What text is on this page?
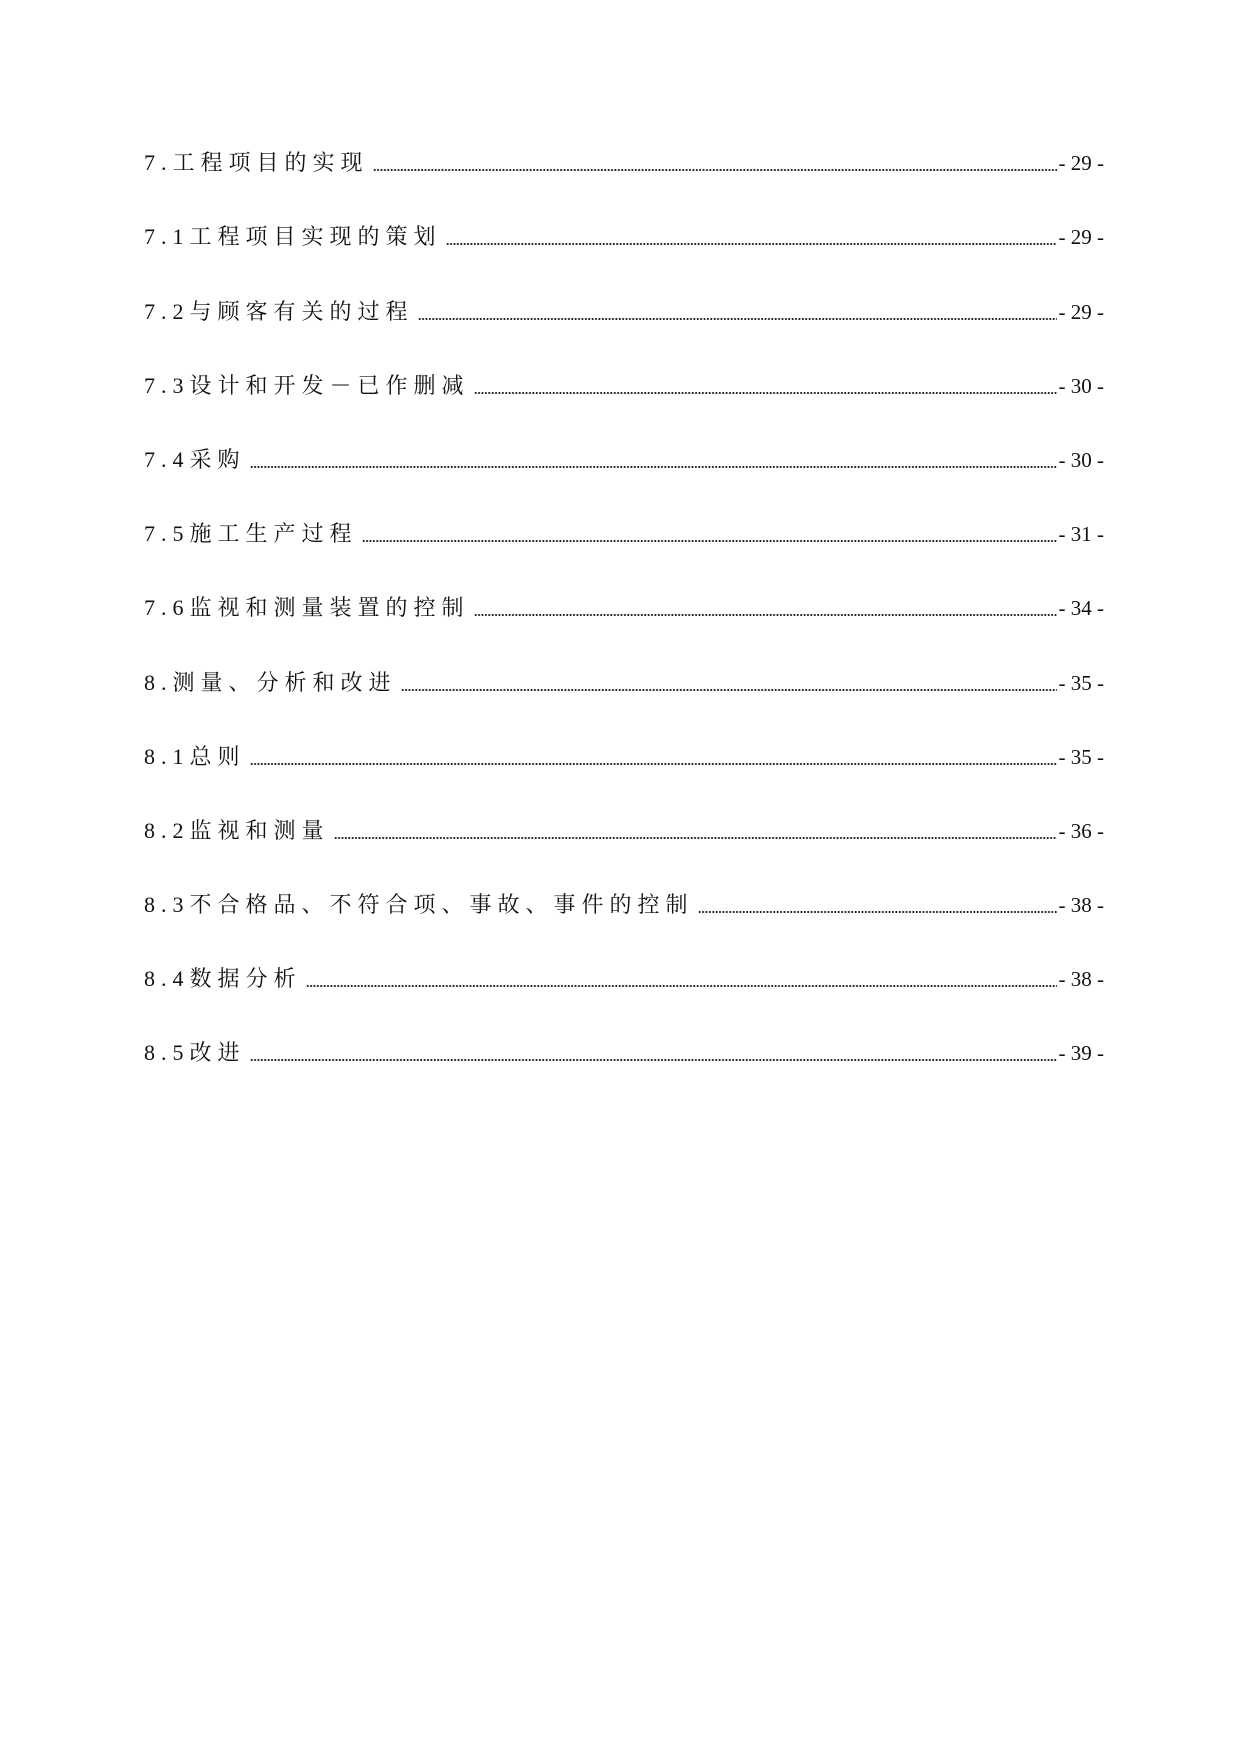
7.工程项目的实现	- 29 -
7.1工程项目实现的策划	- 29 -
7.2与顾客有关的过程	- 29 -
7.3设计和开发－已作删减	- 30 -
7.4采购	- 30 -
7.5施工生产过程	- 31 -
7.6监视和测量装置的控制	- 34 -
8.测量、分析和改进	- 35 -
8.1总则	- 35 -
8.2监视和测量	- 36 -
8.3不合格品、不符合项、事故、事件的控制	- 38 -
8.4数据分析	- 38 -
8.5改进	- 39 -
